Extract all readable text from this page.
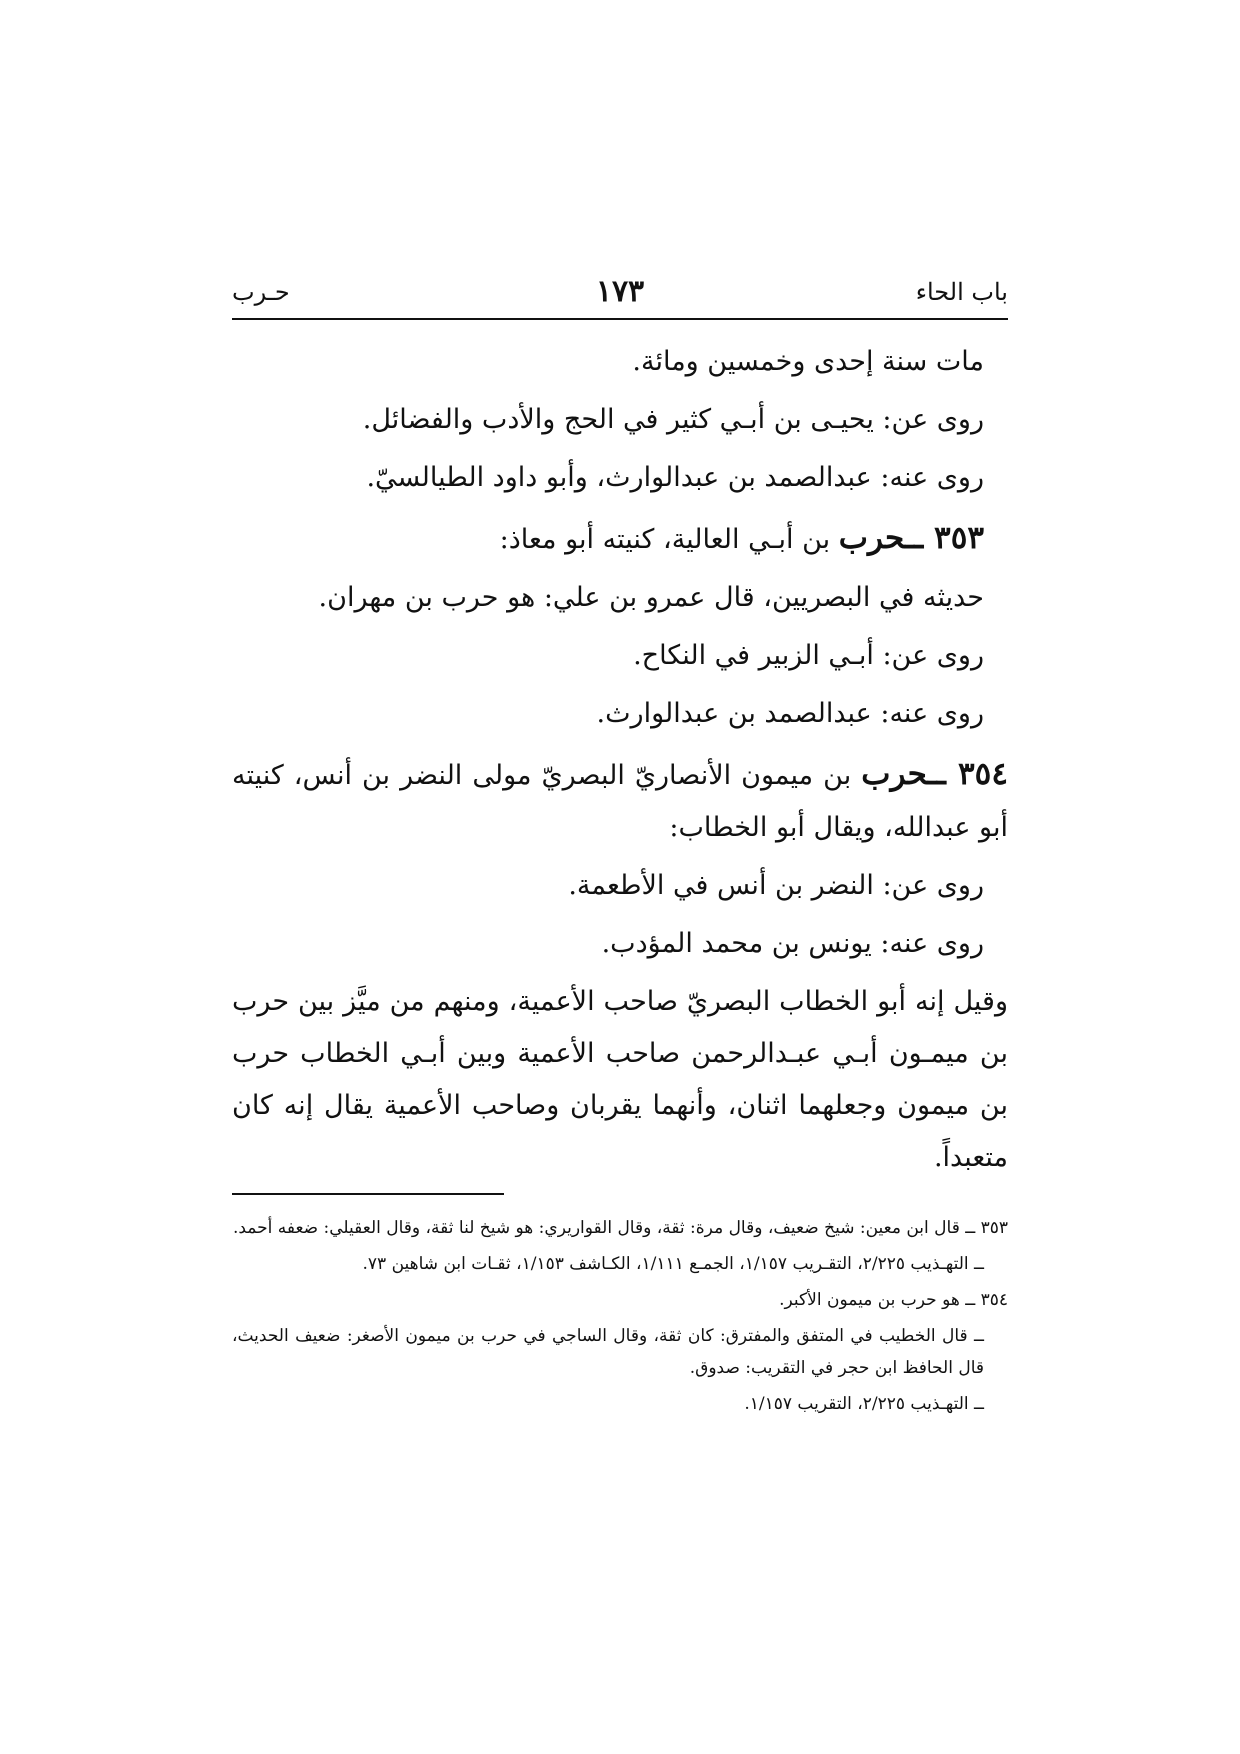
باب الحاء
١٧٣
حـرب

مات سنة إحدى وخمسين ومائة.

روى عن: يحيـى بن أبـي كثير في الحج والأدب والفضائل.

روى عنه: عبدالصمد بن عبدالوارث، وأبو داود الطيالسيّ.

٣٥٣ ــحرب بن أبـي العالية، كنيته أبو معاذ:

حديثه في البصريين، قال عمرو بن علي: هو حرب بن مهران.

روى عن: أبـي الزبير في النكاح.

روى عنه: عبدالصمد بن عبدالوارث.

٣٥٤ ــحرب بن ميمون الأنصاريّ البصريّ مولى النضر بن أنس، كنيته أبو عبدالله، ويقال أبو الخطاب:

روى عن: النضر بن أنس في الأطعمة.

روى عنه: يونس بن محمد المؤدب.

وقيل إنه أبو الخطاب البصريّ صاحب الأعمية، ومنهم من ميَّز بين حرب بن ميمـون أبـي عبـدالرحمن صاحب الأعمية وبين أبـي الخطاب حرب بن ميمون وجعلهما اثنان، وأنهما يقربان وصاحب الأعمية يقال إنه كان متعبداً.

٣٥٣ ــ قال ابن معين: شيخ ضعيف، وقال مرة: ثقة، وقال القواريري: هو شيخ لنا ثقة، وقال العقيلي: ضعفه أحمد.

ــ التهـذيب ٢/٢٢٥، التقـريب ١/١٥٧، الجمـع ١/١١١، الكـاشف ١/١٥٣، ثقـات ابن شاهين ٧٣.

٣٥٤ ــ هو حرب بن ميمون الأكبر.

ــ قال الخطيب في المتفق والمفترق: كان ثقة، وقال الساجي في حرب بن ميمون الأصغر: ضعيف الحديث، قال الحافظ ابن حجر في التقريب: صدوق.

ــ التهـذيب ٢/٢٢٥، التقريب ١/١٥٧.
